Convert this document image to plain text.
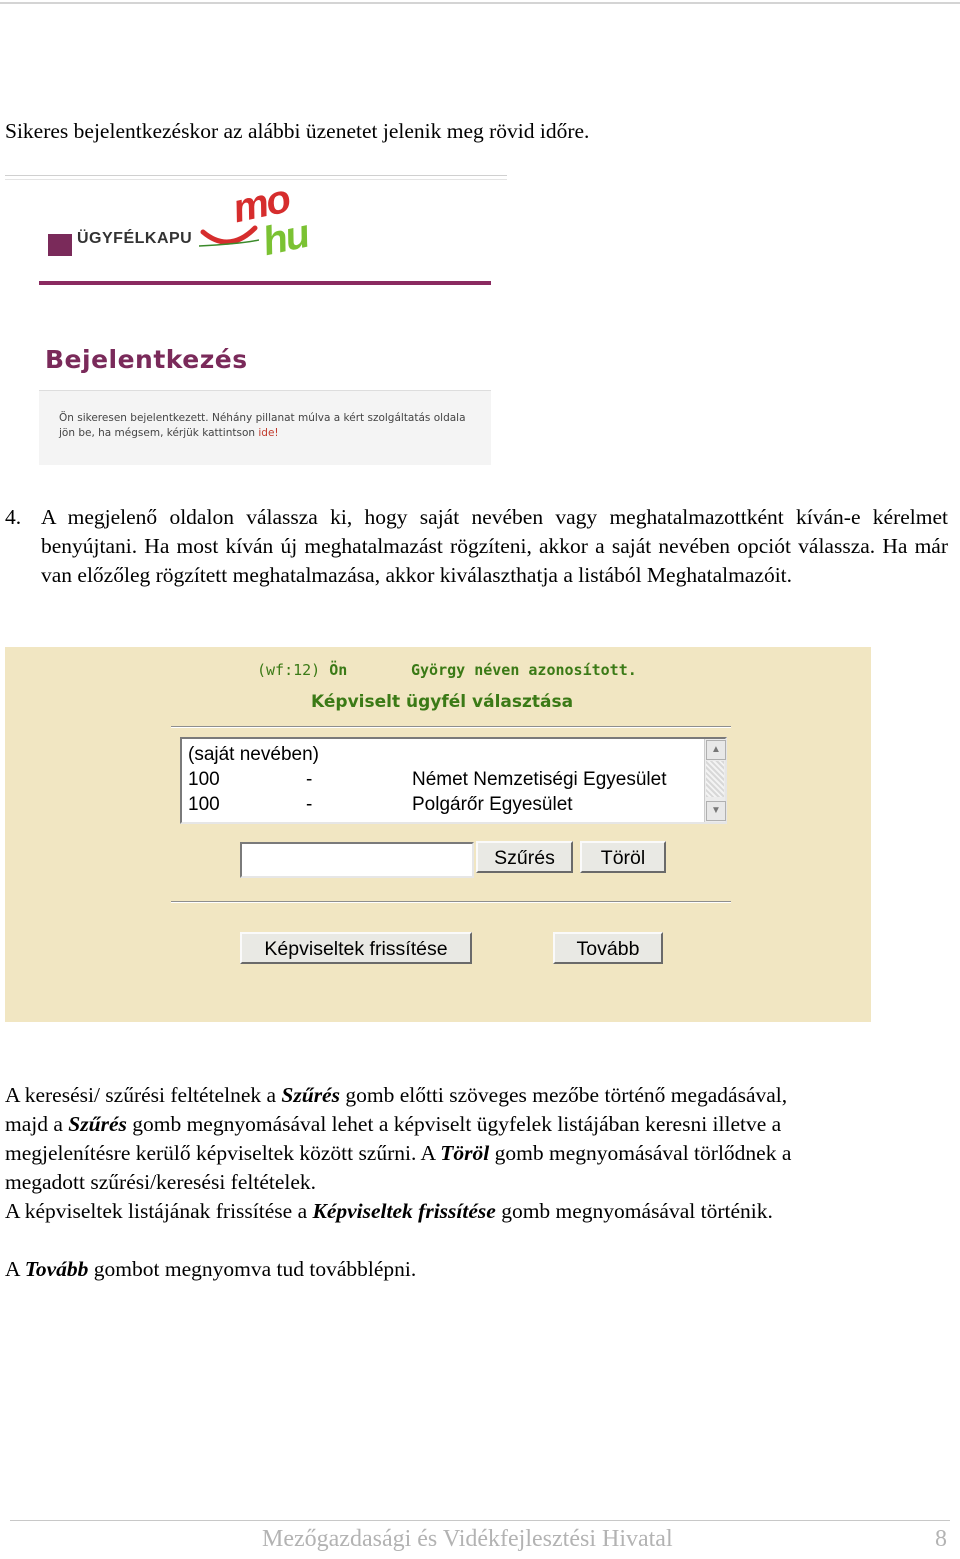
Sikeres bejelentkezéskor az alábbi üzenetet jelenik meg rövid időre.
ÜGYFÉLKAPU
mo
hu
Bejelentkezés
Ön sikeresen bejelentkezett. Néhány pillanat múlva a kért szolgáltatás oldala
jön be, ha mégsem, kérjük kattintson ide!
4. A megjelenő oldalon válassza ki, hogy saját nevében vagy meghatalmazottként kíván-e kérelmet benyújtani. Ha most kíván új meghatalmazást rögzíteni, akkor a saját nevében opciót válassza. Ha már van előzőleg rögzített meghatalmazása, akkor kiválaszthatja a listából Meghatalmazóit.
(wf:12) Ön	György néven azonosított.
Képviselt ügyfél választása
(saját nevében)
100	-	Német Nemzetiségi Egyesület
100	-	Polgárőr Egyesület
▲
▼
Szűrés	Töröl
Képviseltek frissítése	Tovább

A keresési/ szűrési feltételnek a Szűrés gomb előtti szöveges mezőbe történő megadásával,
majd a Szűrés gomb megnyomásával lehet a képviselt ügyfelek listájában keresni illetve a
megjelenítésre kerülő képviseltek között szűrni. A Töröl gomb megnyomásával törlődnek a
megadott szűrési/keresési feltételek.

A képviseltek listájának frissítése a Képviseltek frissítése gomb megnyomásával történik.

A Tovább gombot megnyomva tud továbblépni.

Mezőgazdasági és Vidékfejlesztési Hivatal	8
